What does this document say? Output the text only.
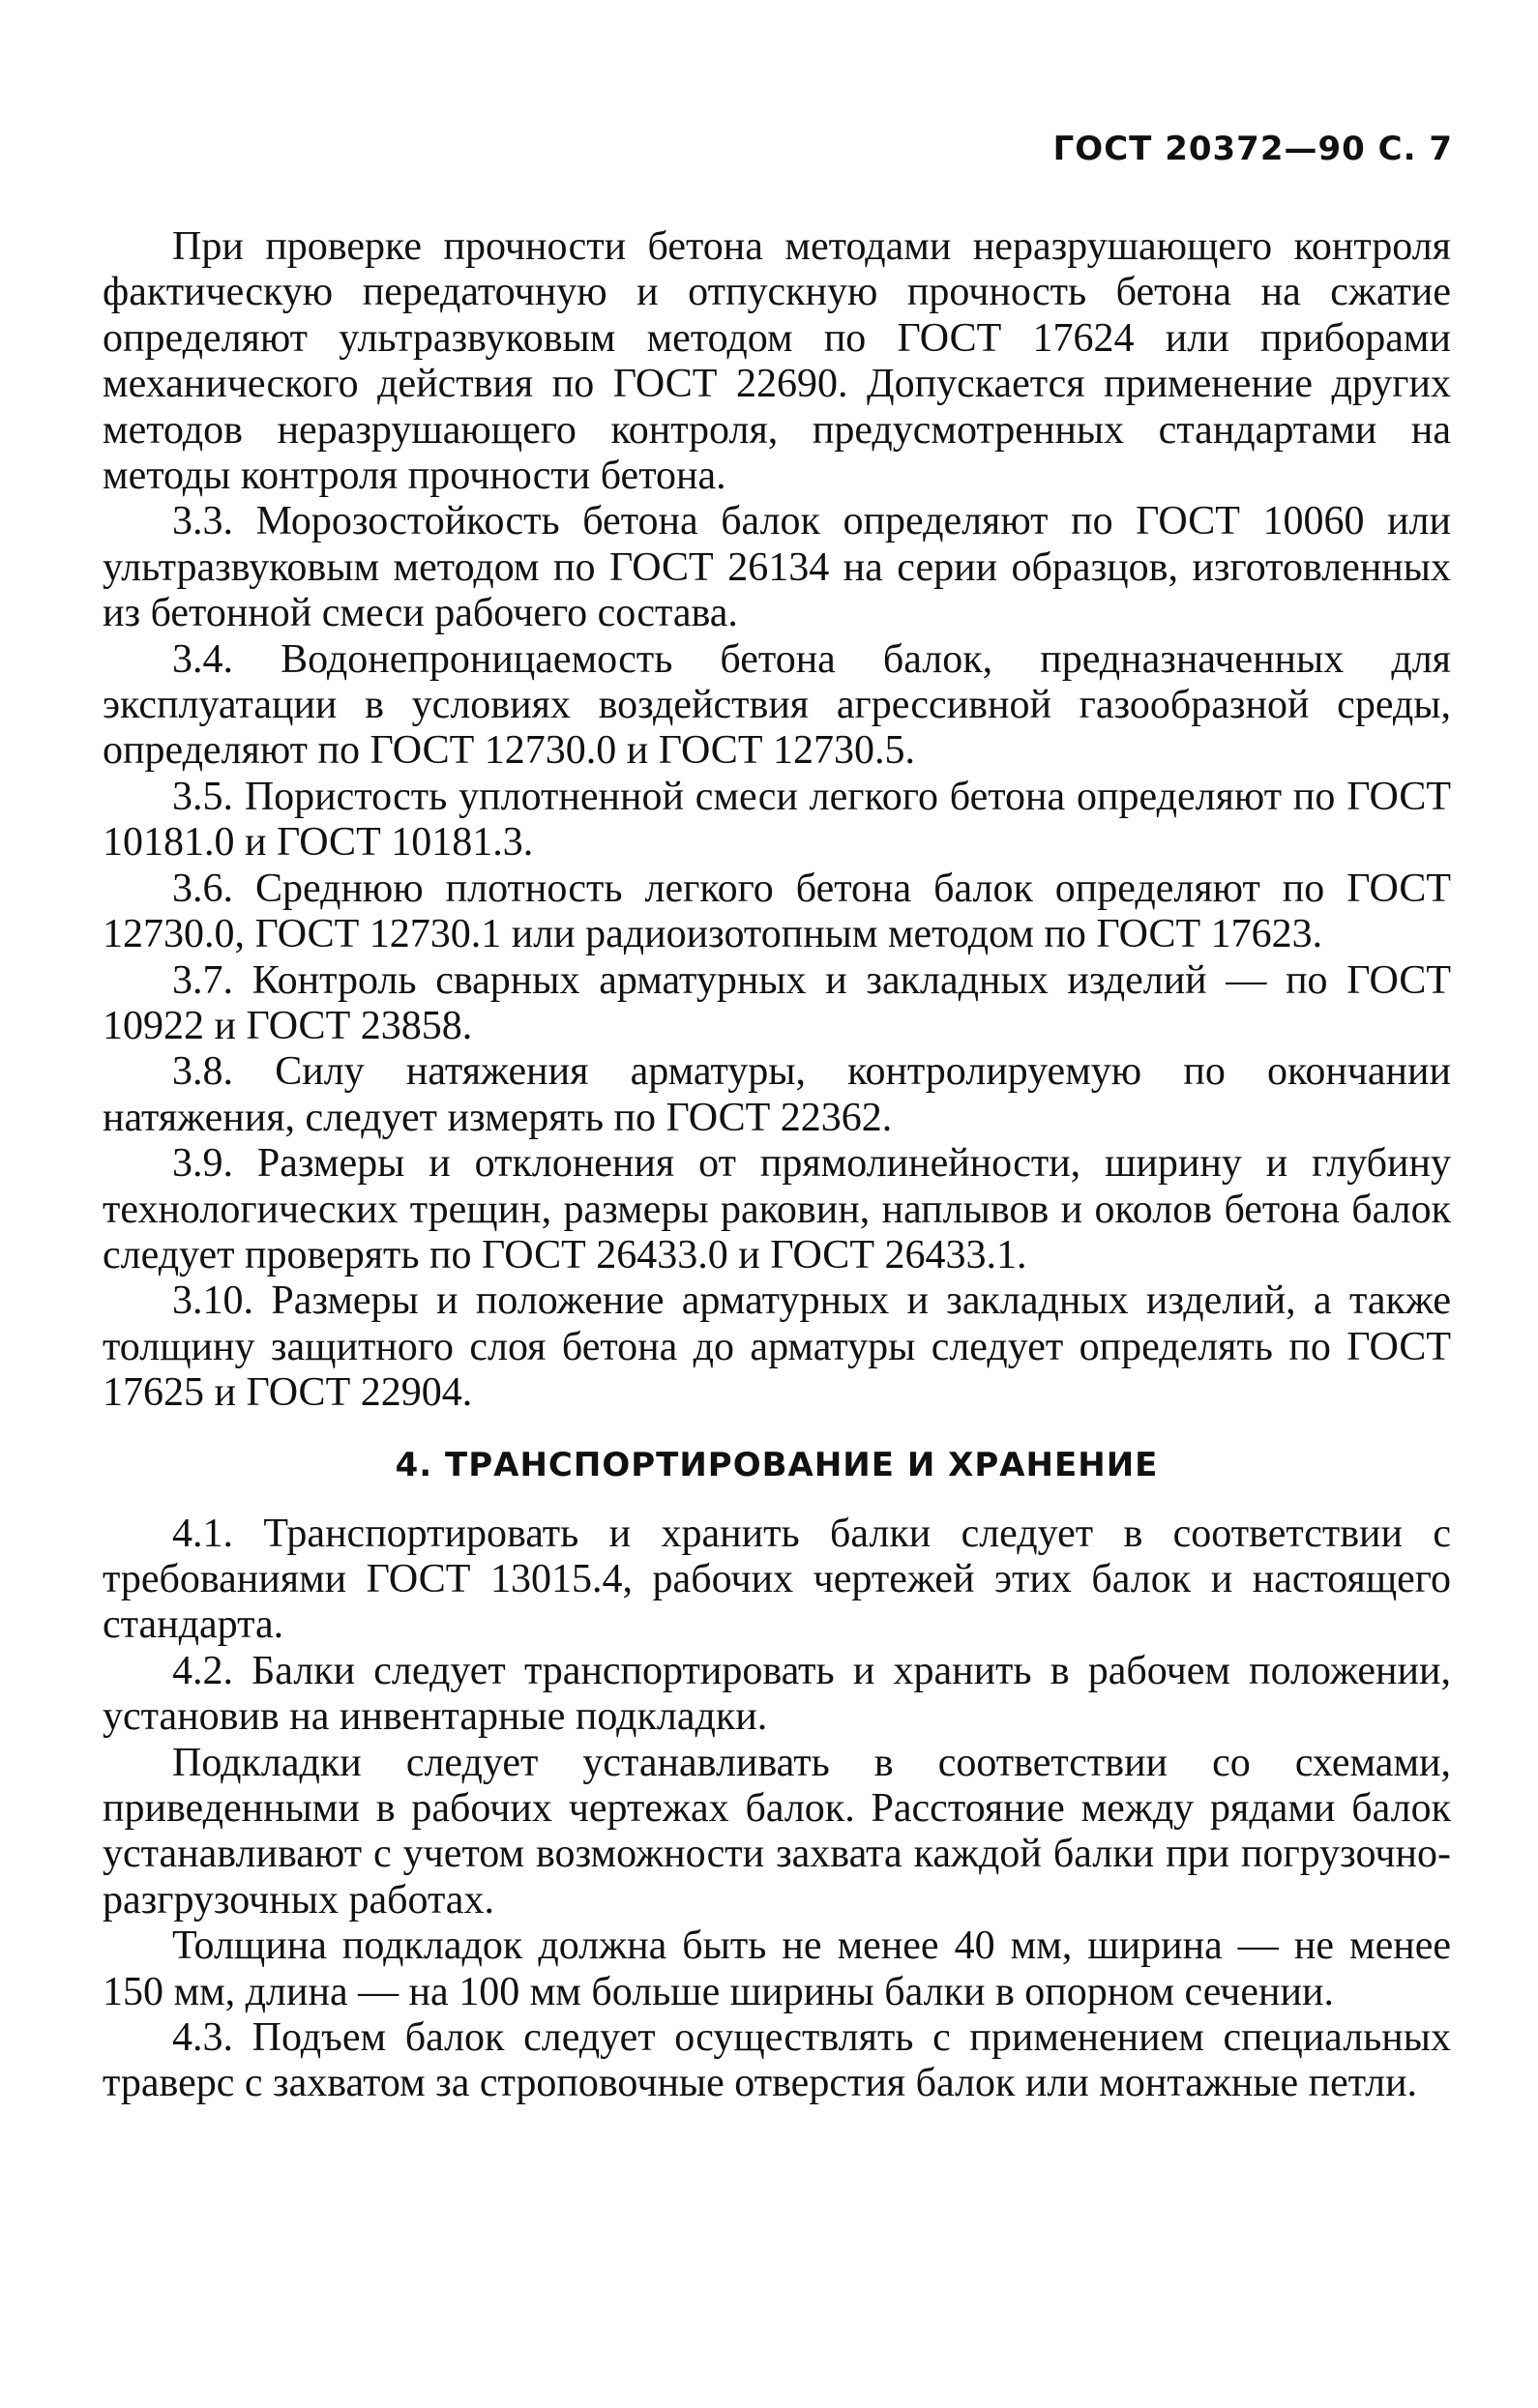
ГОСТ 20372—90 С. 7

При проверке прочности бетона методами неразрушающего контроля фактическую передаточную и отпускную прочность бетона на сжатие определяют ультразвуковым методом по ГОСТ 17624 или приборами механического действия по ГОСТ 22690. Допускается применение других методов неразрушающего контроля, предусмотренных стандартами на методы контроля прочности бетона.

3.3. Морозостойкость бетона балок определяют по ГОСТ 10060 или ультразвуковым методом по ГОСТ 26134 на серии образцов, изготовленных из бетонной смеси рабочего состава.

3.4. Водонепроницаемость бетона балок, предназначенных для эксплуатации в условиях воздействия агрессивной газообразной среды, определяют по ГОСТ 12730.0 и ГОСТ 12730.5.

3.5. Пористость уплотненной смеси легкого бетона определяют по ГОСТ 10181.0 и ГОСТ 10181.3.

3.6. Среднюю плотность легкого бетона балок определяют по ГОСТ 12730.0, ГОСТ 12730.1 или радиоизотопным методом по ГОСТ 17623.

3.7. Контроль сварных арматурных и закладных изделий — по ГОСТ 10922 и ГОСТ 23858.

3.8. Силу натяжения арматуры, контролируемую по окончании натяжения, следует измерять по ГОСТ 22362.

3.9. Размеры и отклонения от прямолинейности, ширину и глубину технологических трещин, размеры раковин, наплывов и околов бетона балок следует проверять по ГОСТ 26433.0 и ГОСТ 26433.1.

3.10. Размеры и положение арматурных и закладных изделий, а также толщину защитного слоя бетона до арматуры следует определять по ГОСТ 17625 и ГОСТ 22904.

4. ТРАНСПОРТИРОВАНИЕ И ХРАНЕНИЕ

4.1. Транспортировать и хранить балки следует в соответствии с требованиями ГОСТ 13015.4, рабочих чертежей этих балок и настоящего стандарта.

4.2. Балки следует транспортировать и хранить в рабочем положении, установив на инвентарные подкладки.

Подкладки следует устанавливать в соответствии со схемами, приведенными в рабочих чертежах балок. Расстояние между рядами балок устанавливают с учетом возможности захвата каждой балки при погрузочно-разгрузочных работах.

Толщина подкладок должна быть не менее 40 мм, ширина — не менее 150 мм, длина — на 100 мм больше ширины балки в опорном сечении.

4.3. Подъем балок следует осуществлять с применением специальных траверс с захватом за строповочные отверстия балок или монтажные петли.
